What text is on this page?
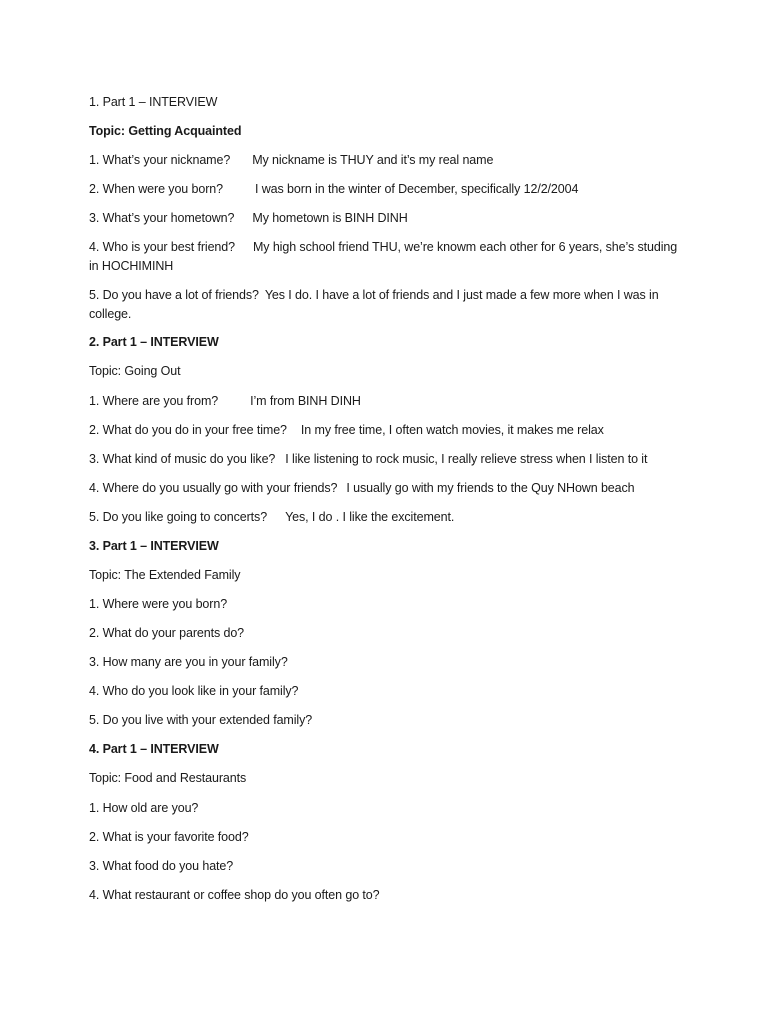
1. Part 1 – INTERVIEW
Topic: Getting Acquainted
1. What’s your nickname? My nickname is THUY and it’s my real name
2. When were you born?	I was born in the winter of December, specifically 12/2/2004
3. What’s your hometown? My hometown is BINH DINH
4. Who is your best friend? My high school friend THU, we’re knowm each other for 6 years, she’s studing in HOCHIMINH
5. Do you have a lot of friends? Yes I do. I have a lot of friends and I just made a few more when I was in college.
2. Part 1 – INTERVIEW
Topic: Going Out
1. Where are you from?	I’m from BINH DINH
2. What do you do in your free time? In my free time, I often watch movies, it makes me relax
3. What kind of music do you like? I like listening to rock music, I really relieve stress when I listen to it
4. Where do you usually go with your friends? I usually go with my friends to the Quy NHown beach
5. Do you like going to concerts? Yes, I do . I like the excitement.
3. Part 1 – INTERVIEW
Topic: The Extended Family
1. Where were you born?
2. What do your parents do?
3. How many are you in your family?
4. Who do you look like in your family?
5. Do you live with your extended family?
4. Part 1 – INTERVIEW
Topic: Food and Restaurants
1. How old are you?
2. What is your favorite food?
3. What food do you hate?
4. What restaurant or coffee shop do you often go to?
